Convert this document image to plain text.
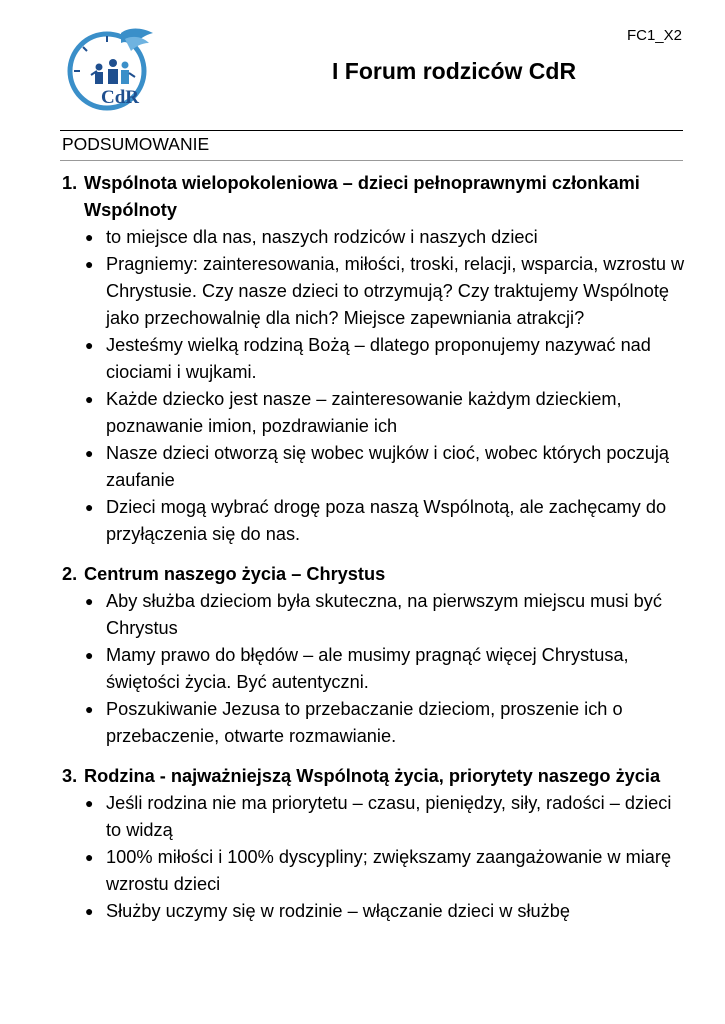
FC1_X2
CdR
I Forum rodziców CdR
PODSUMOWANIE
1. Wspólnota wielopokoleniowa – dzieci pełnoprawnymi członkami Wspólnoty
● to miejsce dla nas, naszych rodziców i naszych dzieci
● Pragniemy: zainteresowania, miłości, troski, relacji, wsparcia, wzrostu w Chrystusie. Czy nasze dzieci to otrzymują? Czy traktujemy Wspólnotę jako przechowalnię dla nich? Miejsce zapewniania atrakcji?
● Jesteśmy wielką rodziną Bożą – dlatego proponujemy nazywać nad ciociami i wujkami.
● Każde dziecko jest nasze – zainteresowanie każdym dzieckiem, poznawanie imion, pozdrawianie ich
● Nasze dzieci otworzą się wobec wujków i cioć, wobec których poczują zaufanie
● Dzieci mogą wybrać drogę poza naszą Wspólnotą, ale zachęcamy do przyłączenia się do nas.
2. Centrum naszego życia – Chrystus
● Aby służba dzieciom była skuteczna, na pierwszym miejscu musi być Chrystus
● Mamy prawo do błędów – ale musimy pragnąć więcej Chrystusa, świętości życia. Być autentyczni.
● Poszukiwanie Jezusa to przebaczanie dzieciom, proszenie ich o przebaczenie, otwarte rozmawianie.
3. Rodzina - najważniejszą Wspólnotą życia, priorytety naszego życia
● Jeśli rodzina nie ma priorytetu – czasu, pieniędzy, siły, radości – dzieci to widzą
● 100% miłości i 100% dyscypliny; zwiększamy zaangażowanie w miarę wzrostu dzieci
● Służby uczymy się w rodzinie – włączanie dzieci w służbę
